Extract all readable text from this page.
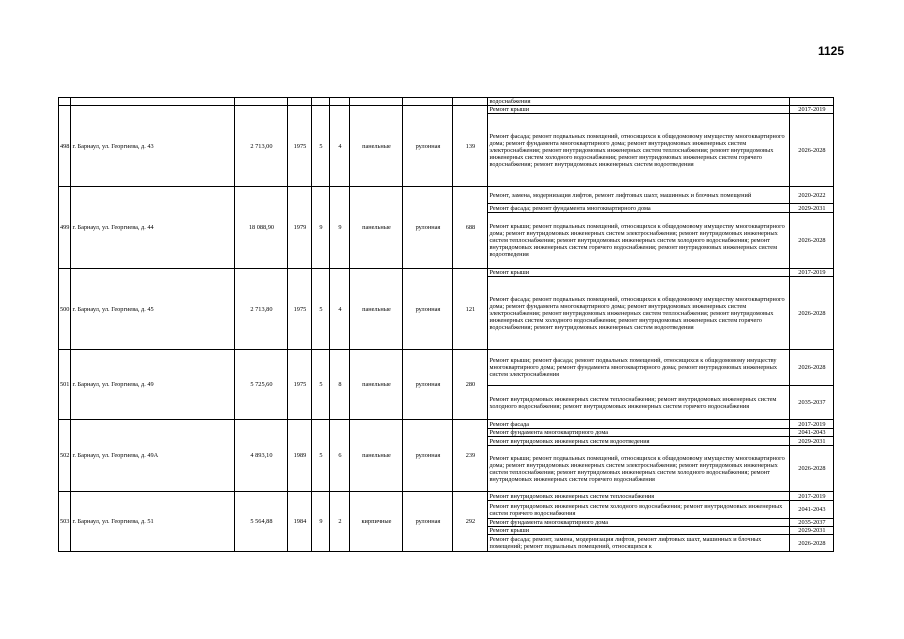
1125
									водоснабжения	
498	г. Барнаул, ул. Георгиева, д. 43	2 713,00	1975	5	4	панельные	рулонная	139	Ремонт крыши	2017-2019
									Ремонт фасада; ремонт подвальных помещений, относящихся к общедомовому имуществу многоквартирного дома; ремонт фундамента многоквартирного дома; ремонт внутридомовых инженерных систем электроснабжения; ремонт внутридомовых инженерных систем теплоснабжения; ремонт внутридомовых инженерных систем холодного водоснабжения; ремонт внутридомовых инженерных систем горячего водоснабжения; ремонт внутридомовых инженерных систем водоотведения	2026-2028
499	г. Барнаул, ул. Георгиева, д. 44	18 088,90	1979	9	9	панельные	рулонная	688	Ремонт, замена, модернизация лифтов, ремонт лифтовых шахт, машинных и блочных помещений	2020-2022
									Ремонт фасада; ремонт фундамента многоквартирного дома	2029-2031
									Ремонт крыши; ремонт подвальных помещений, относящихся к общедомовому имуществу многоквартирного дома; ремонт внутридомовых инженерных систем электроснабжения; ремонт внутридомовых инженерных систем теплоснабжения; ремонт внутридомовых инженерных систем холодного водоснабжения; ремонт внутридомовых инженерных систем горячего водоснабжения; ремонт внутридомовых инженерных систем водоотведения	2026-2028
500	г. Барнаул, ул. Георгиева, д. 45	2 713,80	1975	5	4	панельные	рулонная	121	Ремонт крыши	2017-2019
									Ремонт фасада; ремонт подвальных помещений, относящихся к общедомовому имуществу многоквартирного дома; ремонт фундамента многоквартирного дома; ремонт внутридомовых инженерных систем электроснабжения; ремонт внутридомовых инженерных систем теплоснабжения; ремонт внутридомовых инженерных систем холодного водоснабжения; ремонт внутридомовых инженерных систем горячего водоснабжения; ремонт внутридомовых инженерных систем водоотведения	2026-2028
501	г. Барнаул, ул. Георгиева, д. 49	5 725,60	1975	5	8	панельные	рулонная	280	Ремонт крыши; ремонт фасада; ремонт подвальных помещений, относящихся к общедомовому имуществу многоквартирного дома; ремонт фундамента многоквартирного дома; ремонт внутридомовых инженерных систем электроснабжения	2026-2028
									Ремонт внутридомовых инженерных систем теплоснабжения; ремонт внутридомовых инженерных систем холодного водоснабжения; ремонт внутридомовых инженерных систем горячего водоснабжения	2035-2037
502	г. Барнаул, ул. Георгиева, д. 49А	4 893,10	1989	5	6	панельные	рулонная	239	Ремонт фасада	2017-2019
									Ремонт фундамента многоквартирного дома	2041-2043
									Ремонт внутридомовых инженерных систем водоотведения	2029-2031
									Ремонт крыши; ремонт подвальных помещений, относящихся к общедомовому имуществу многоквартирного дома; ремонт внутридомовых инженерных систем электроснабжения; ремонт внутридомовых инженерных систем теплоснабжения; ремонт внутридомовых инженерных систем холодного водоснабжения; ремонт внутридомовых инженерных систем горячего водоснабжения	2026-2028
503	г. Барнаул, ул. Георгиева, д. 51	5 564,88	1984	9	2	кирпичные	рулонная	292	Ремонт внутридомовых инженерных систем теплоснабжения	2017-2019
									Ремонт внутридомовых инженерных систем холодного водоснабжения; ремонт внутридомовых инженерных систем горячего водоснабжения	2041-2043
									Ремонт фундамента многоквартирного дома	2035-2037
									Ремонт крыши	2029-2031
									Ремонт фасада; ремонт, замена, модернизация лифтов, ремонт лифтовых шахт, машинных и блочных помещений; ремонт подвальных помещений, относящихся к	2026-2028
